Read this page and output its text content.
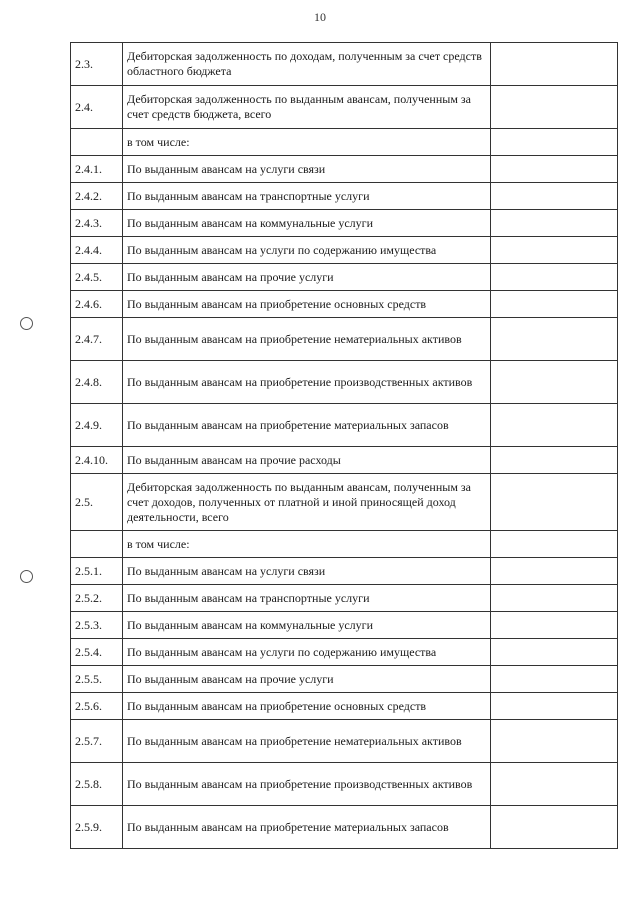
10
2.3.	Дебиторская задолженность по доходам, полученным за счет средств областного бюджета	
2.4.	Дебиторская задолженность по выданным авансам, полученным за счет средств бюджета, всего	
	в том числе:	
2.4.1.	По выданным авансам на услуги связи	
2.4.2.	По выданным авансам на транспортные услуги	
2.4.3.	По выданным авансам на коммунальные услуги	
2.4.4.	По выданным авансам на услуги по содержанию имущества	
2.4.5.	По выданным авансам на прочие услуги	
2.4.6.	По выданным авансам на приобретение основных средств	
2.4.7.	По выданным авансам на приобретение нематериальных активов	
2.4.8.	По выданным авансам на приобретение производственных активов	
2.4.9.	По выданным авансам на приобретение материальных запасов	
2.4.10.	По выданным авансам на прочие расходы	
2.5.	Дебиторская задолженность по выданным авансам, полученным за счет доходов, полученных от платной и иной приносящей доход деятельности, всего	
	в том числе:	
2.5.1.	По выданным авансам на услуги связи	
2.5.2.	По выданным авансам на транспортные услуги	
2.5.3.	По выданным авансам на коммунальные услуги	
2.5.4.	По выданным авансам на услуги по содержанию имущества	
2.5.5.	По выданным авансам на прочие услуги	
2.5.6.	По выданным авансам на приобретение основных средств	
2.5.7.	По выданным авансам на приобретение нематериальных активов	
2.5.8.	По выданным авансам на приобретение производственных активов	
2.5.9.	По выданным авансам на приобретение материальных запасов	
